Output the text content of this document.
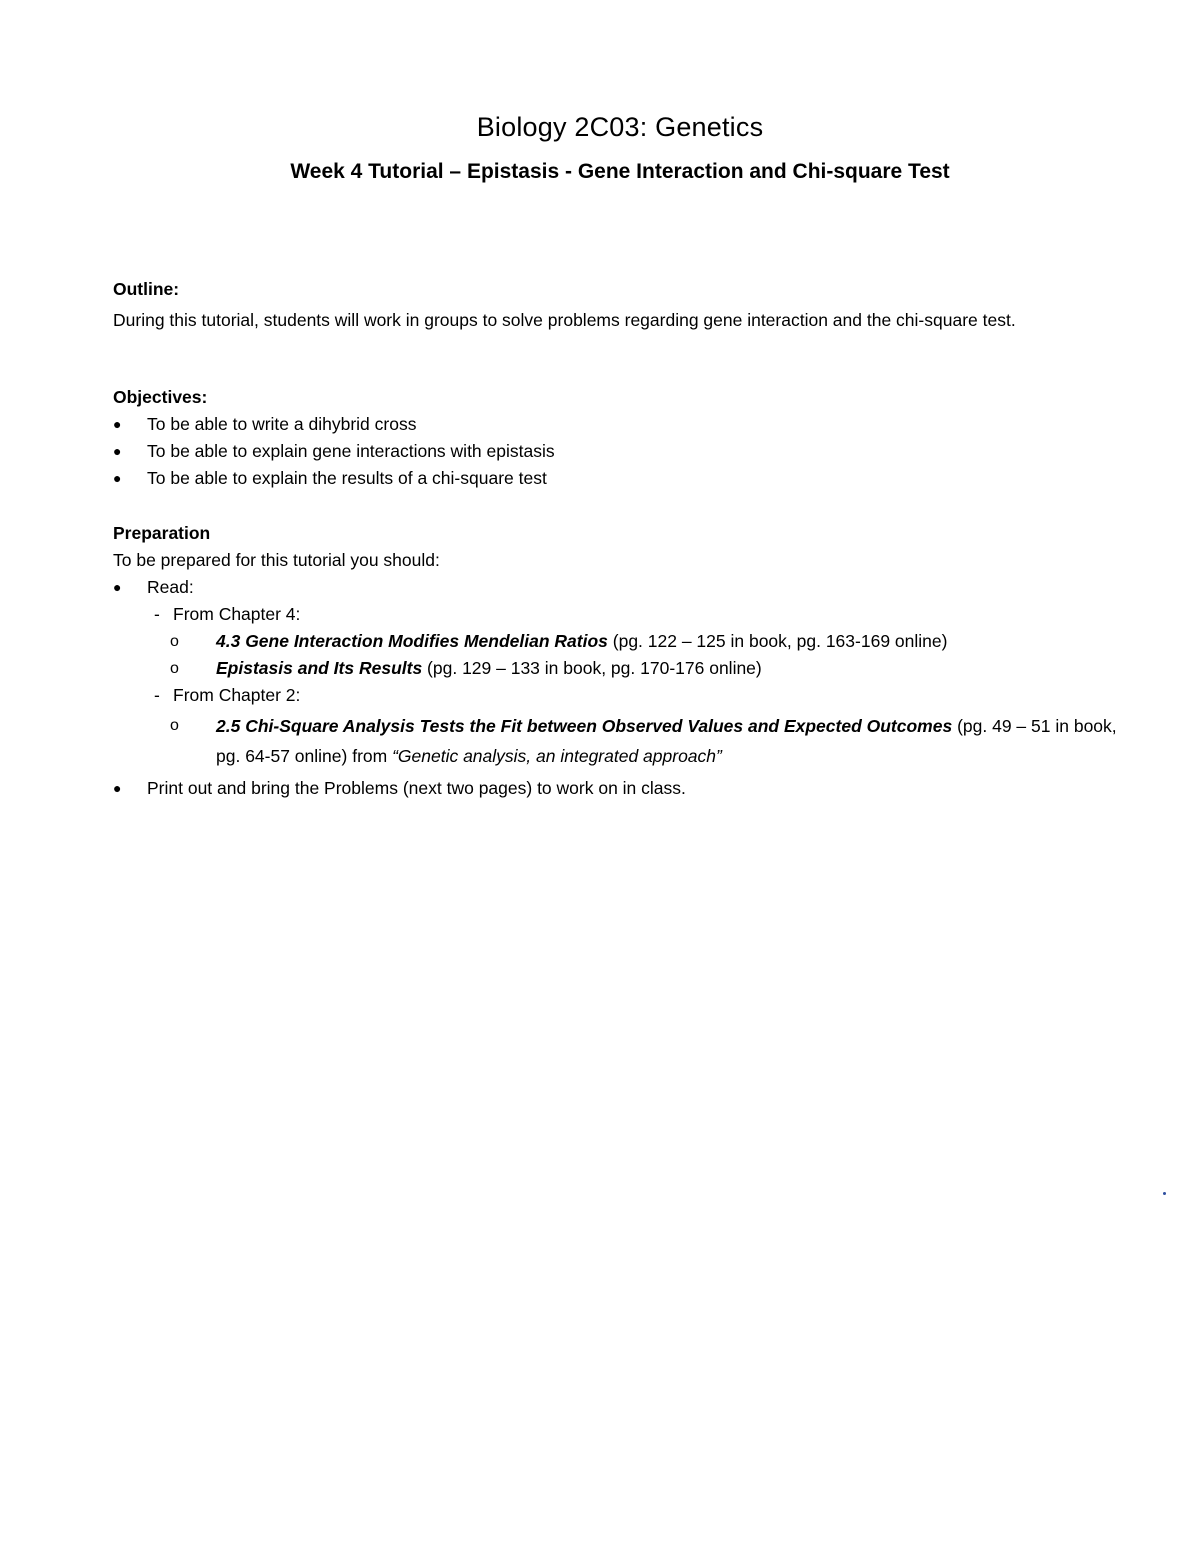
Biology 2C03: Genetics
Week 4 Tutorial – Epistasis - Gene Interaction and Chi-square Test

Outline:

During this tutorial, students will work in groups to solve problems regarding gene interaction and the chi-square test.

Objectives:

●	To be able to write a dihybrid cross

●	To be able to explain gene interactions with epistasis

●	To be able to explain the results of a chi-square test

Preparation

To be prepared for this tutorial you should:

●	Read:

- From Chapter 4:

o 4.3 Gene Interaction Modifies Mendelian Ratios (pg. 122 – 125 in book, pg. 163-169 online)

o Epistasis and Its Results (pg. 129 – 133 in book, pg. 170-176 online)

- From Chapter 2:

o 2.5 Chi-Square Analysis Tests the Fit between Observed Values and Expected Outcomes (pg. 49 – 51 in book, pg. 64-57 online) from “Genetic analysis, an integrated approach”

●	Print out and bring the Problems (next two pages) to work on in class.
